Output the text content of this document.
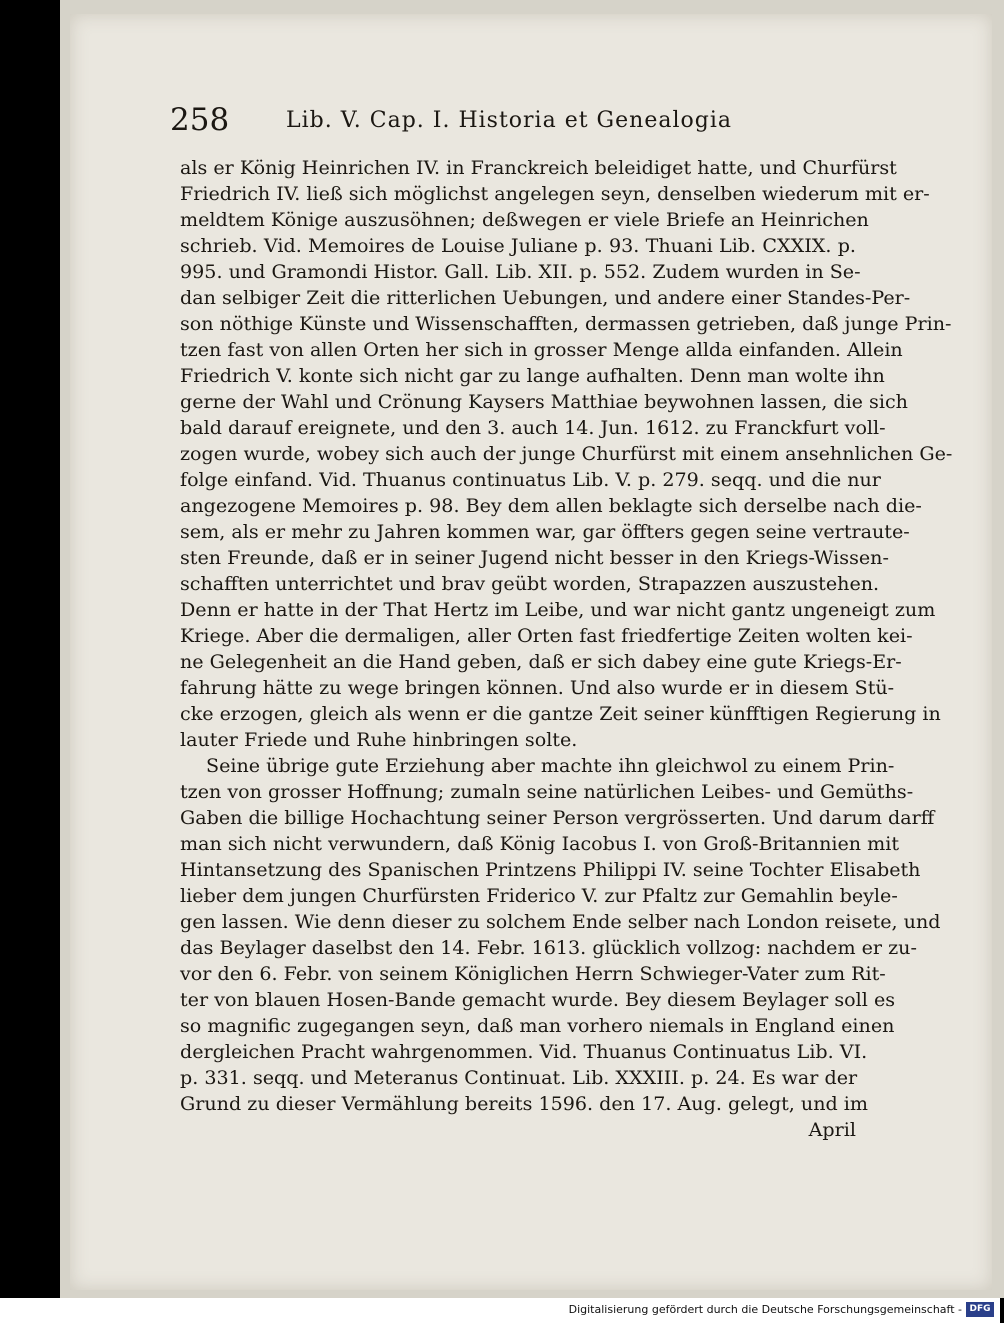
258	Lib. V. Cap. I. Historia et Genealogia
als er König Heinrichen IV. in Franckreich beleidiget hatte, und Churfürst
Friedrich IV. ließ sich möglichst angelegen seyn, denselben wiederum mit er-
meldtem Könige auszusöhnen; deßwegen er viele Briefe an Heinrichen
schrieb. Vid. Memoires de Louise Juliane p. 93. Thuani Lib. CXXIX. p.
995. und Gramondi Histor. Gall. Lib. XII. p. 552. Zudem wurden in Se-
dan selbiger Zeit die ritterlichen Uebungen, und andere einer Standes-Per-
son nöthige Künste und Wissenschafften, dermassen getrieben, daß junge Prin-
tzen fast von allen Orten her sich in grosser Menge allda einfanden. Allein
Friedrich V. konte sich nicht gar zu lange aufhalten. Denn man wolte ihn
gerne der Wahl und Crönung Kaysers Matthiae beywohnen lassen, die sich
bald darauf ereignete, und den 3. auch 14. Jun. 1612. zu Franckfurt voll-
zogen wurde, wobey sich auch der junge Churfürst mit einem ansehnlichen Ge-
folge einfand. Vid. Thuanus continuatus Lib. V. p. 279. seqq. und die nur
angezogene Memoires p. 98. Bey dem allen beklagte sich derselbe nach die-
sem, als er mehr zu Jahren kommen war, gar öffters gegen seine vertraute-
sten Freunde, daß er in seiner Jugend nicht besser in den Kriegs-Wissen-
schafften unterrichtet und brav geübt worden, Strapazzen auszustehen.
Denn er hatte in der That Hertz im Leibe, und war nicht gantz ungeneigt zum
Kriege. Aber die dermaligen, aller Orten fast friedfertige Zeiten wolten kei-
ne Gelegenheit an die Hand geben, daß er sich dabey eine gute Kriegs-Er-
fahrung hätte zu wege bringen können. Und also wurde er in diesem Stü-
cke erzogen, gleich als wenn er die gantze Zeit seiner künfftigen Regierung in
lauter Friede und Ruhe hinbringen solte.
Seine übrige gute Erziehung aber machte ihn gleichwol zu einem Prin-
tzen von grosser Hoffnung; zumaln seine natürlichen Leibes- und Gemüths-
Gaben die billige Hochachtung seiner Person vergrösserten. Und darum darff
man sich nicht verwundern, daß König Iacobus I. von Groß-Britannien mit
Hintansetzung des Spanischen Printzens Philippi IV. seine Tochter Elisabeth
lieber dem jungen Churfürsten Friderico V. zur Pfaltz zur Gemahlin beyle-
gen lassen. Wie denn dieser zu solchem Ende selber nach London reisete, und
das Beylager daselbst den 14. Febr. 1613. glücklich vollzog: nachdem er zu-
vor den 6. Febr. von seinem Königlichen Herrn Schwieger-Vater zum Rit-
ter von blauen Hosen-Bande gemacht wurde. Bey diesem Beylager soll es
so magnific zugegangen seyn, daß man vorhero niemals in England einen
dergleichen Pracht wahrgenommen. Vid. Thuanus Continuatus Lib. VI.
p. 331. seqq. und Meteranus Continuat. Lib. XXXIII. p. 24. Es war der
Grund zu dieser Vermählung bereits 1596. den 17. Aug. gelegt, und im
April
Digitalisierung gefördert durch die Deutsche Forschungsgemeinschaft - DFG
